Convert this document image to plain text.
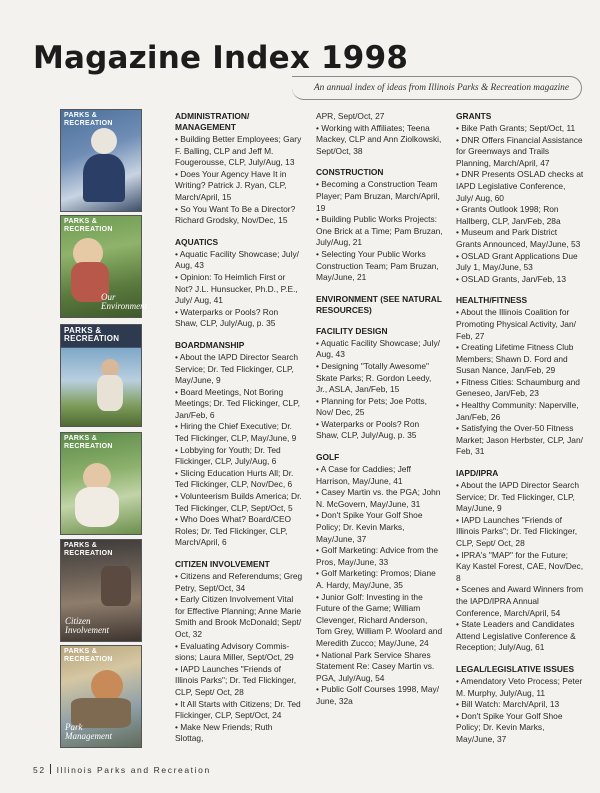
Magazine Index 1998
An annual index of ideas from Illinois Parks & Recreation magazine
PARKS & RECREATION
PARKS & RECREATION
Our Environment
PARKS & RECREATION
PARKS & RECREATION
PARKS & RECREATION
Citizen Involvement
PARKS & RECREATION
Park Management
ADMINISTRATION/ MANAGEMENT
• Building Better Employees; Gary F. Balling, CLP and Jeff M. Fougerousse, CLP, July/Aug, 13
• Does Your Agency Have It in Writing? Patrick J. Ryan, CLP, March/April, 15
• So You Want To Be a Director? Richard Grodsky, Nov/Dec, 15
AQUATICS
• Aquatic Facility Showcase; July/ Aug, 43
• Opinion: To Heimlich First or Not? J.L. Hunsucker, Ph.D., P.E., July/ Aug, 41
• Waterparks or Pools? Ron Shaw, CLP, July/Aug, p. 35
BOARDMANSHIP
• About the IAPD Director Search Service; Dr. Ted Flickinger, CLP, May/June, 9
• Board Meetings, Not Boring Meetings; Dr. Ted Flickinger, CLP, Jan/Feb, 6
• Hiring the Chief Executive; Dr. Ted Flickinger, CLP, May/June, 9
• Lobbying for Youth; Dr. Ted Flickinger, CLP, July/Aug, 6
• Slicing Education Hurts All; Dr. Ted Flickinger, CLP, Nov/Dec, 6
• Volunteerism Builds America; Dr. Ted Flickinger, CLP, Sept/Oct, 5
• Who Does What? Board/CEO Roles; Dr. Ted Flickinger, CLP, March/April, 6
CITIZEN INVOLVEMENT
• Citizens and Referendums; Greg Petry, Sept/Oct, 34
• Early Citizen Involvement Vital for Effective Planning; Anne Marie Smith and Brook McDonald; Sept/ Oct, 32
• Evaluating Advisory Commis- sions; Laura Miller, Sept/Oct, 29
• IAPD Launches "Friends of Illinois Parks"; Dr. Ted Flickinger, CLP, Sept/ Oct, 28
• It All Starts with Citizens; Dr. Ted Flickinger, CLP, Sept/Oct, 24
• Make New Friends; Ruth Slottag,
APR, Sept/Oct, 27
• Working with Affiliates; Teena Mackey, CLP and Ann Ziolkowski, Sept/Oct, 38
CONSTRUCTION
• Becoming a Construction Team Player; Pam Bruzan, March/April, 19
• Building Public Works Projects: One Brick at a Time; Pam Bruzan, July/Aug, 21
• Selecting Your Public Works Construction Team; Pam Bruzan, May/June, 21
ENVIRONMENT (SEE NATURAL RESOURCES)
FACILITY DESIGN
• Aquatic Facility Showcase; July/ Aug, 43
• Designing "Totally Awesome" Skate Parks; R. Gordon Leedy, Jr., ASLA, Jan/Feb, 15
• Planning for Pets; Joe Potts, Nov/ Dec, 25
• Waterparks or Pools? Ron Shaw, CLP, July/Aug, p. 35
GOLF
• A Case for Caddies; Jeff Harrison, May/June, 41
• Casey Martin vs. the PGA; John N. McGovern, May/June, 31
• Don't Spike Your Golf Shoe Policy; Dr. Kevin Marks, May/June, 37
• Golf Marketing: Advice from the Pros, May/June, 33
• Golf Marketing: Promos; Diane A. Hardy, May/June, 35
• Junior Golf: Investing in the Future of the Game; William Clevenger, Richard Anderson, Tom Grey, William P. Woolard and Meredith Zucco; May/June, 24
• National Park Service Shares Statement Re: Casey Martin vs. PGA, July/Aug, 54
• Public Golf Courses 1998, May/ June, 32a
GRANTS
• Bike Path Grants; Sept/Oct, 11
• DNR Offers Financial Assistance for Greenways and Trails Planning, March/April, 47
• DNR Presents OSLAD checks at IAPD Legislative Conference, July/ Aug, 60
• Grants Outlook 1998; Ron Hallberg, CLP, Jan/Feb, 28a
• Museum and Park District Grants Announced, May/June, 53
• OSLAD Grant Applications Due July 1, May/June, 53
• OSLAD Grants, Jan/Feb, 13
HEALTH/FITNESS
• About the Illinois Coalition for Promoting Physical Activity, Jan/ Feb, 27
• Creating Lifetime Fitness Club Members; Shawn D. Ford and Susan Nance, Jan/Feb, 29
• Fitness Cities: Schaumburg and Geneseo, Jan/Feb, 23
• Healthy Community: Naperville, Jan/Feb, 26
• Satisfying the Over-50 Fitness Market; Jason Herbster, CLP, Jan/ Feb, 31
IAPD/IPRA
• About the IAPD Director Search Service; Dr. Ted Flickinger, CLP, May/June, 9
• IAPD Launches "Friends of Illinois Parks"; Dr. Ted Flickinger, CLP, Sept/ Oct, 28
• IPRA's "MAP" for the Future; Kay Kastel Forest, CAE, Nov/Dec, 8
• Scenes and Award Winners from the IAPD/IPRA Annual Conference, March/April, 54
• State Leaders and Candidates Attend Legislative Conference & Reception; July/Aug, 61
LEGAL/LEGISLATIVE ISSUES
• Amendatory Veto Process; Peter M. Murphy, July/Aug, 11
• Bill Watch: March/April, 13
• Don't Spike Your Golf Shoe Policy; Dr. Kevin Marks, May/June, 37
52 Illinois Parks and Recreation
